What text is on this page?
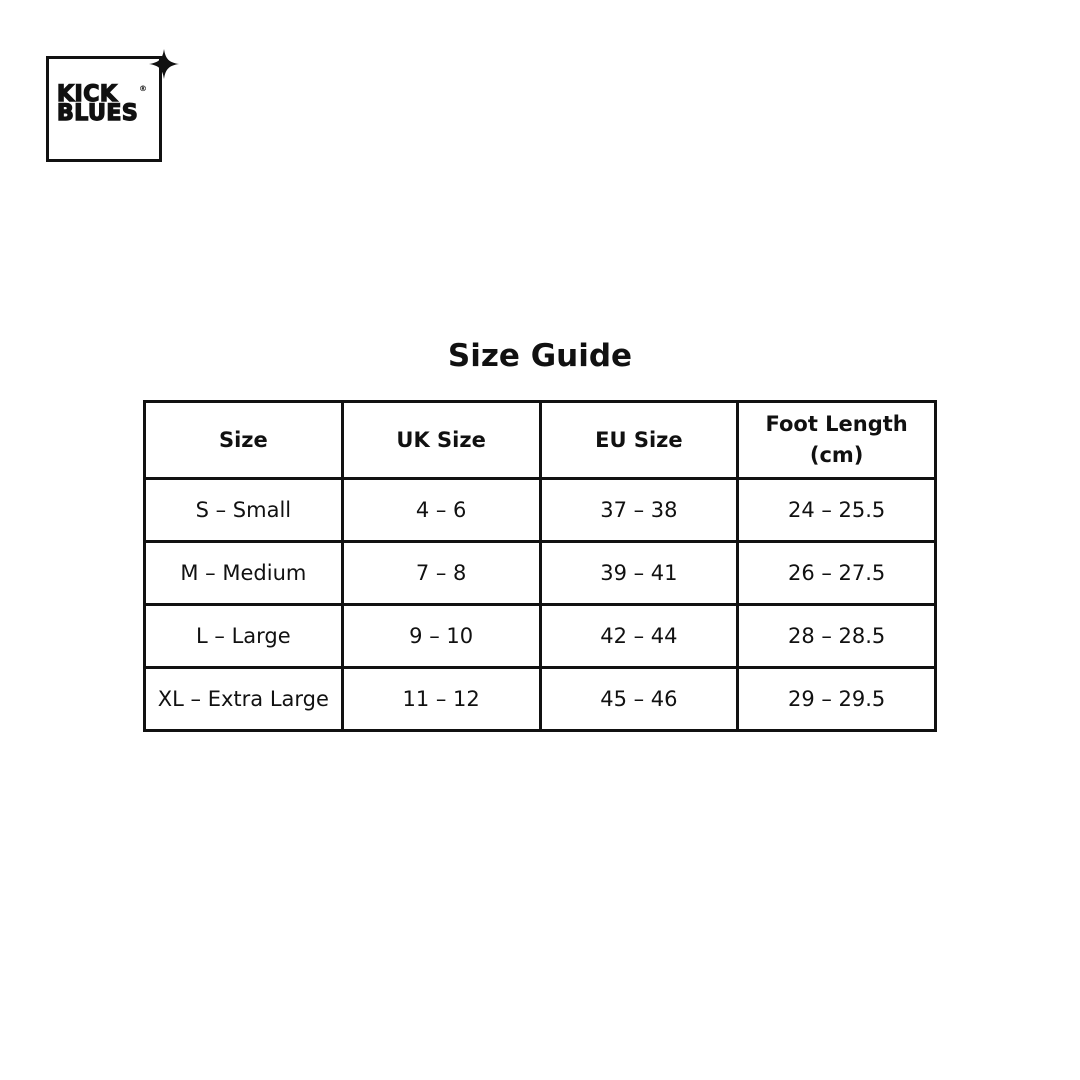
KICK
BLUES
®
Size Guide
Size	UK Size	EU Size	Foot Length (cm)
S – Small	4 – 6	37 – 38	24 – 25.5
M – Medium	7 – 8	39 – 41	26 – 27.5
L – Large	9 – 10	42 – 44	28 – 28.5
XL – Extra Large	11 – 12	45 – 46	29 – 29.5
